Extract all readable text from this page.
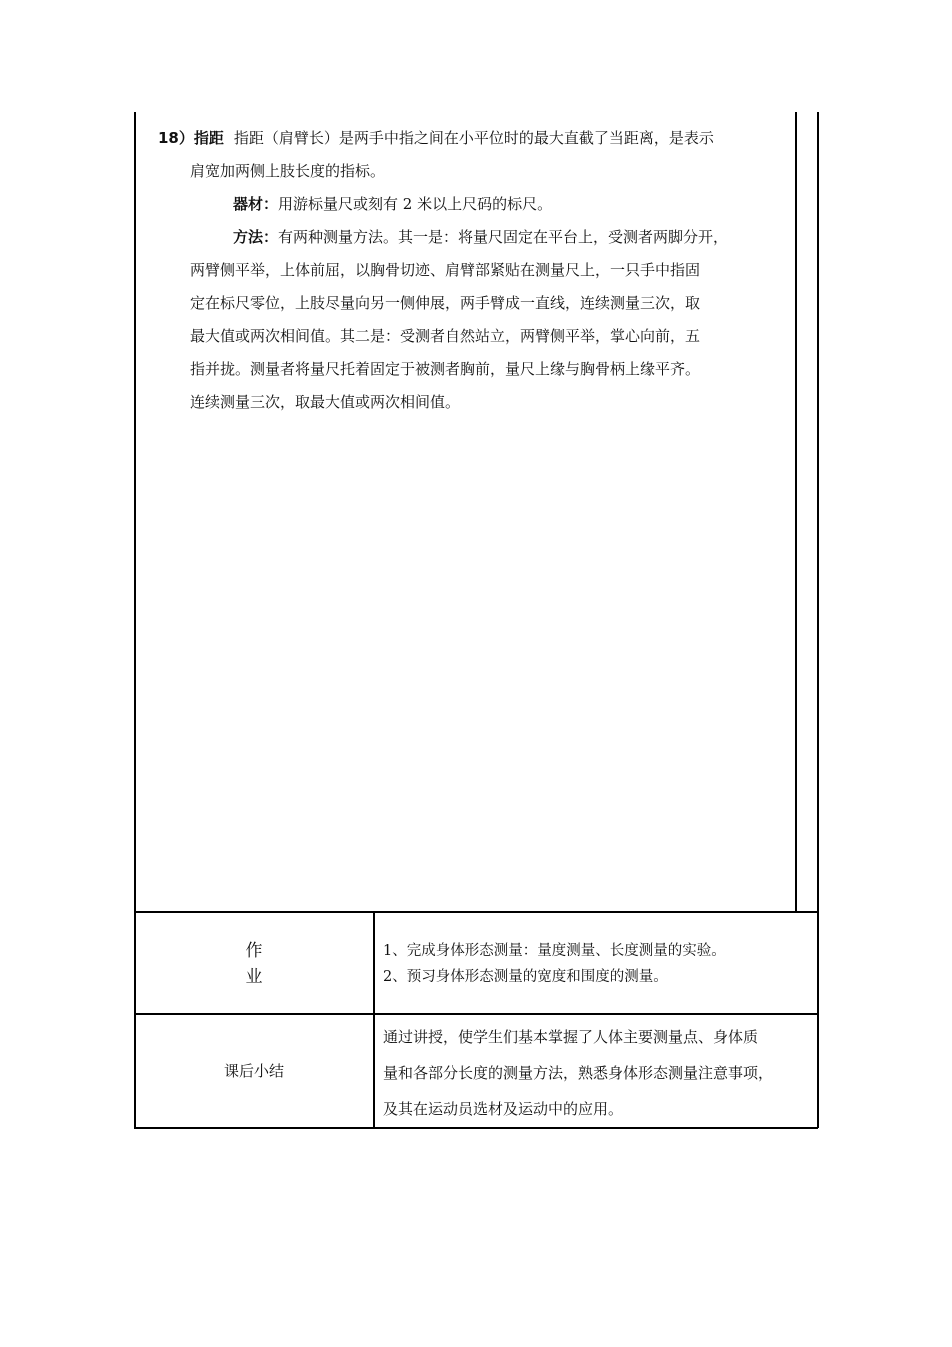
18）指距 指距（肩臂长）是两手中指之间在小平位时的最大直截了当距离，是表示

肩宽加两侧上肢长度的指标。

器材：用游标量尺或刻有 2 米以上尺码的标尺。

方法：有两种测量方法。其一是：将量尺固定在平台上，受测者两脚分开，

两臂侧平举，上体前屈，以胸骨切迹、肩臂部紧贴在测量尺上，一只手中指固

定在标尺零位，上肢尽量向另一侧伸展，两手臂成一直线，连续测量三次，取

最大值或两次相间值。其二是：受测者自然站立，两臂侧平举，掌心向前，五

指并拢。测量者将量尺托着固定于被测者胸前，量尺上缘与胸骨柄上缘平齐。

连续测量三次，取最大值或两次相间值。

作
业
1、完成身体形态测量：量度测量、长度测量的实验。
2、预习身体形态测量的宽度和围度的测量。
课后小结
通过讲授，使学生们基本掌握了人体主要测量点、身体质
量和各部分长度的测量方法，熟悉身体形态测量注意事项，
及其在运动员选材及运动中的应用。
